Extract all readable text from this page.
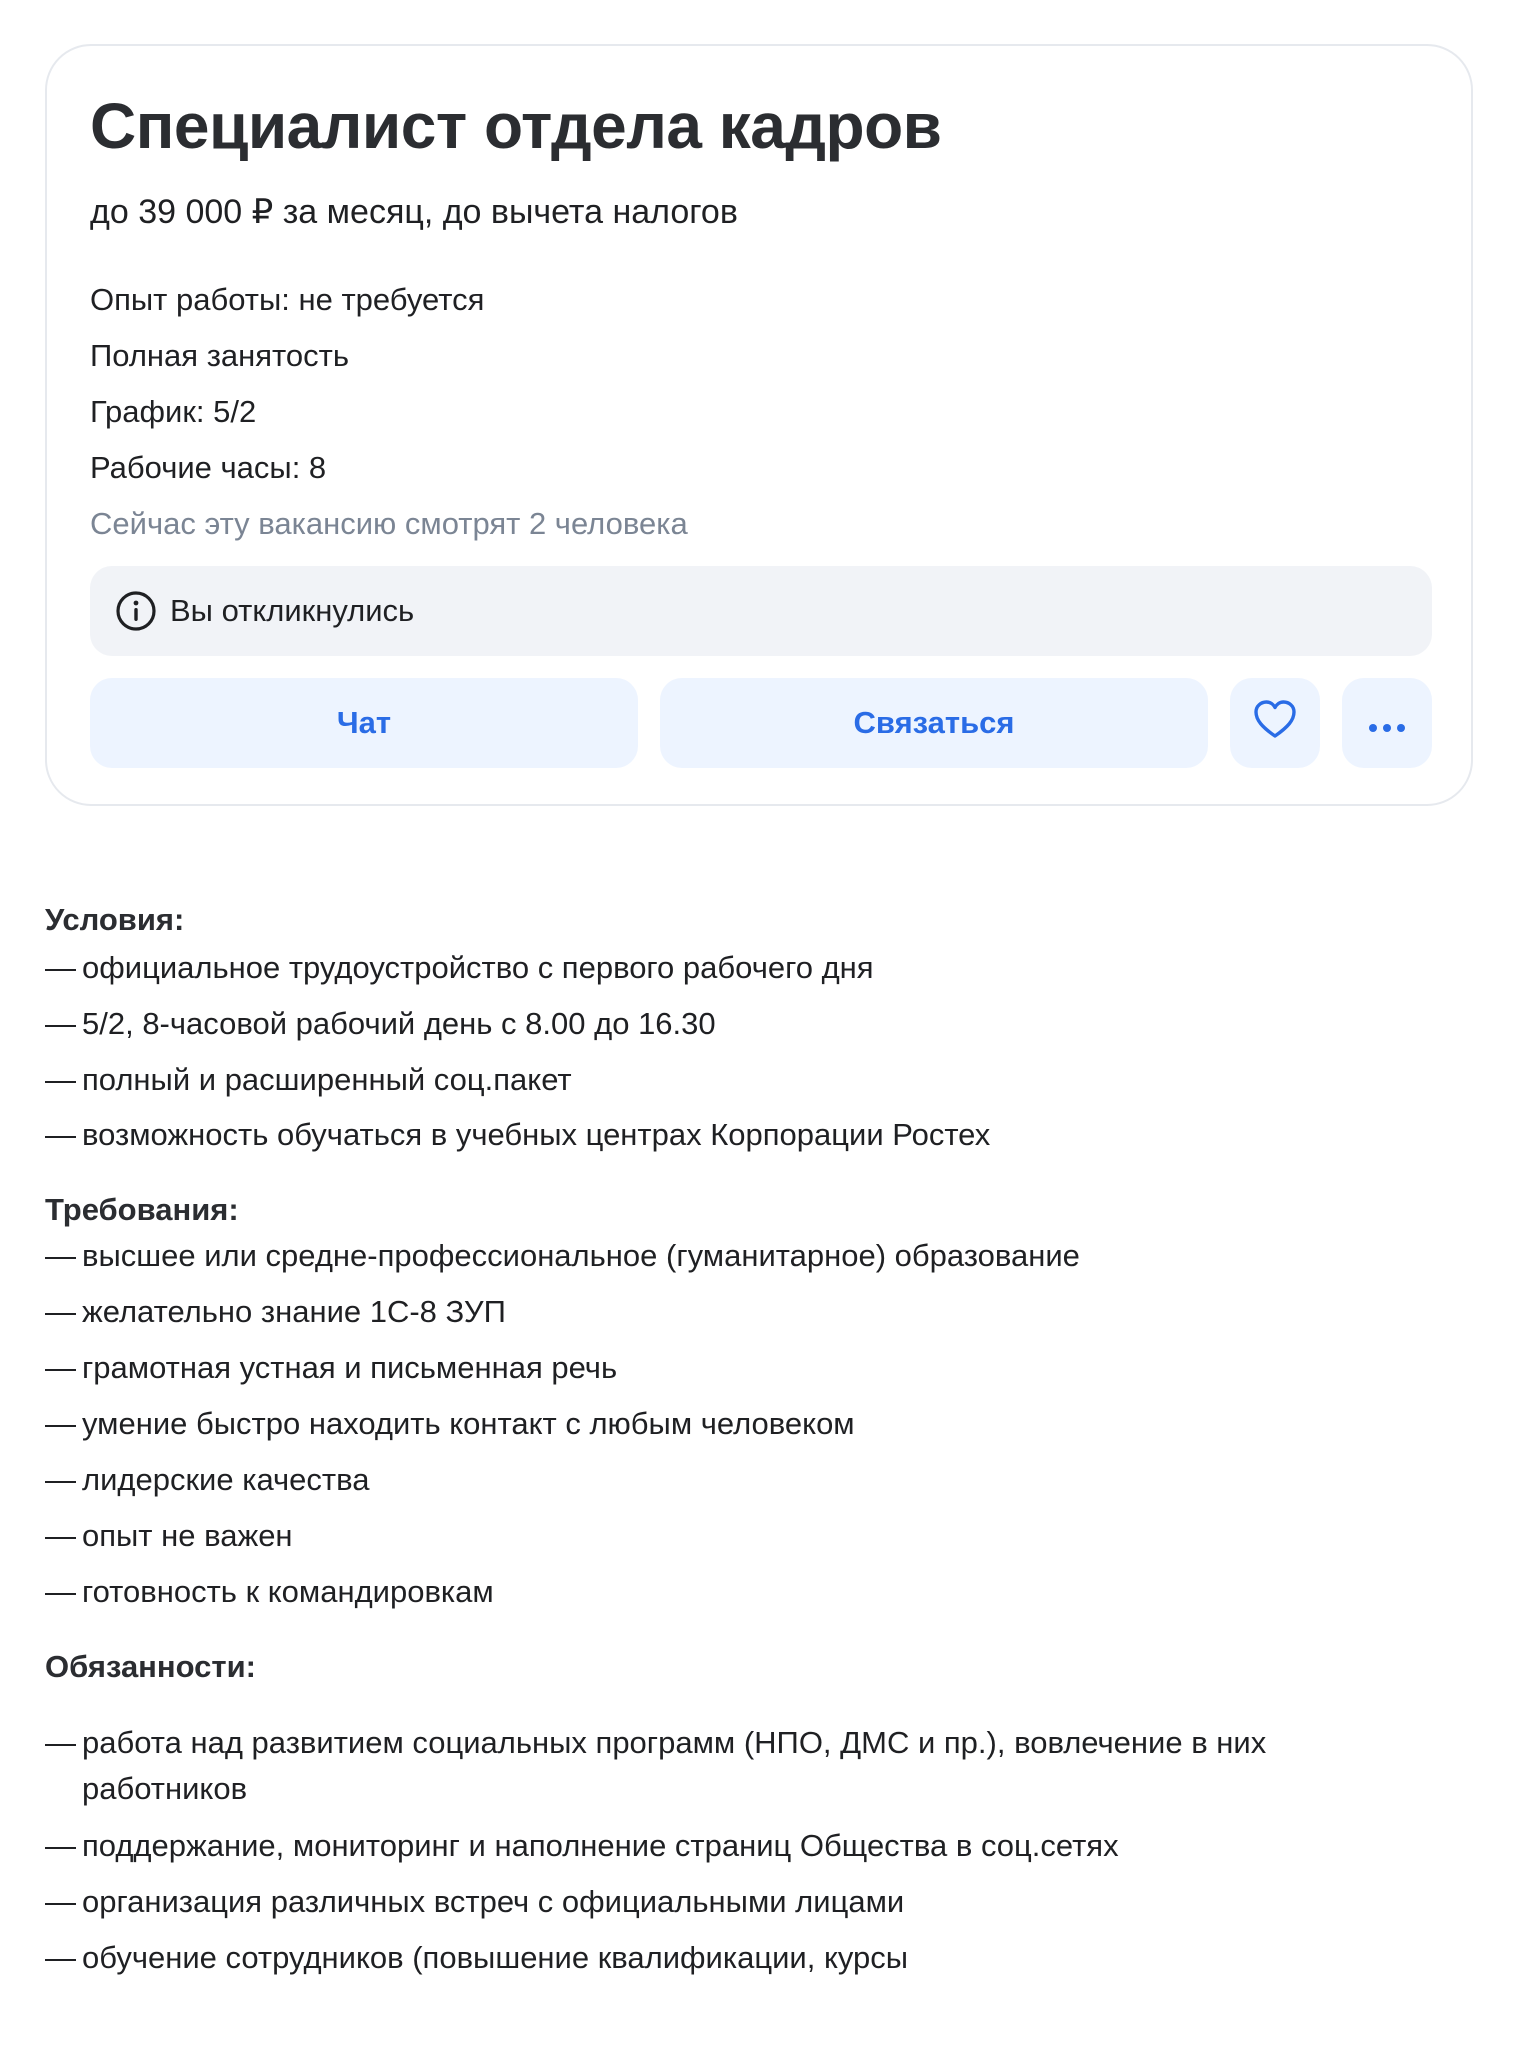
Специалист отдела кадров
до 39 000 ₽ за месяц, до вычета налогов
Опыт работы: не требуется
Полная занятость
График: 5/2
Рабочие часы: 8
Сейчас эту вакансию смотрят 2 человека
Вы откликнулись
Чат	Связаться
Условия:
— официальное трудоустройство с первого рабочего дня
— 5/2, 8-часовой рабочий день с 8.00 до 16.30
— полный и расширенный соц.пакет
— возможность обучаться в учебных центрах Корпорации Ростех
Требования:
— высшее или средне-профессиональное (гуманитарное) образование
— желательно знание 1С-8 ЗУП
— грамотная устная и письменная речь
— умение быстро находить контакт с любым человеком
— лидерские качества
— опыт не важен
— готовность к командировкам
Обязанности:
— работа над развитием социальных программ (НПО, ДМС и пр.), вовлечение в них
работников
— поддержание, мониторинг и наполнение страниц Общества в соц.сетях
— организация различных встреч с официальными лицами
— обучение сотрудников (повышение квалификации, курсы
